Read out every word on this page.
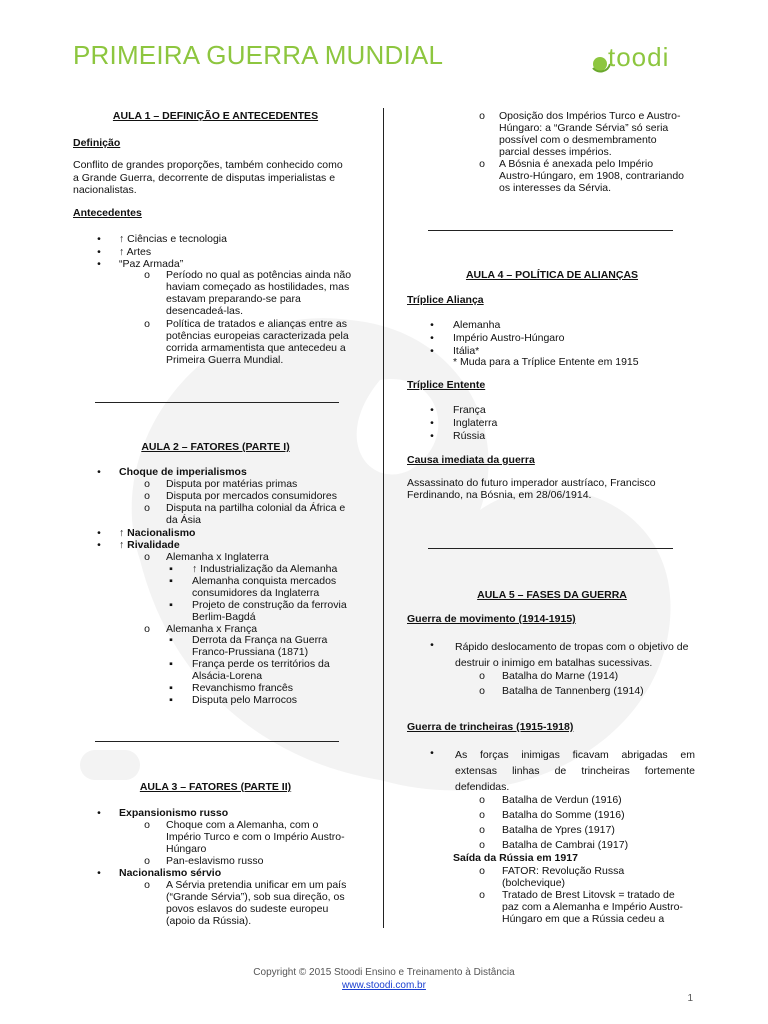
PRIMEIRA GUERRA MUNDIAL	toodi
AULA 1 – DEFINIÇÃO E ANTECEDENTES
Definição
Conflito de grandes proporções, também conhecido como
a Grande Guerra, decorrente de disputas imperialistas e
nacionalistas.
Antecedentes
• ↑ Ciências e tecnologia
• ↑ Artes
• “Paz Armada”
o Período no qual as potências ainda não
haviam começado as hostilidades, mas
estavam preparando-se para
desencadeá-las.
o Política de tratados e alianças entre as
potências europeias caracterizada pela
corrida armamentista que antecedeu a
Primeira Guerra Mundial.
AULA 2 – FATORES (PARTE I)
• Choque de imperialismos
o Disputa por matérias primas
o Disputa por mercados consumidores
o Disputa na partilha colonial da África e
da Ásia
• ↑ Nacionalismo
• ↑ Rivalidade
o Alemanha x Inglaterra
▪ ↑ Industrialização da Alemanha
▪ Alemanha conquista mercados
consumidores da Inglaterra
▪ Projeto de construção da ferrovia
Berlim-Bagdá
o Alemanha x França
▪ Derrota da França na Guerra
Franco-Prussiana (1871)
▪ França perde os territórios da
Alsácia-Lorena
▪ Revanchismo francês
▪ Disputa pelo Marrocos
AULA 3 – FATORES (PARTE II)
• Expansionismo russo
o Choque com a Alemanha, com o
Império Turco e com o Império Austro-
Húngaro
o Pan-eslavismo russo
• Nacionalismo sérvio
o A Sérvia pretendia unificar em um país
(“Grande Sérvia”), sob sua direção, os
povos eslavos do sudeste europeu
(apoio da Rússia).
o Oposição dos Impérios Turco e Austro-
Húngaro: a “Grande Sérvia” só seria
possível com o desmembramento
parcial desses impérios.
o A Bósnia é anexada pelo Império
Austro-Húngaro, em 1908, contrariando
os interesses da Sérvia.
AULA 4 – POLÍTICA DE ALIANÇAS
Tríplice Aliança
• Alemanha
• Império Austro-Húngaro
• Itália*
* Muda para a Tríplice Entente em 1915
Tríplice Entente
• França
• Inglaterra
• Rússia
Causa imediata da guerra
Assassinato do futuro imperador austríaco, Francisco
Ferdinando, na Bósnia, em 28/06/1914.
AULA 5 – FASES DA GUERRA
Guerra de movimento (1914-1915)
• Rápido deslocamento de tropas com o objetivo de
destruir o inimigo em batalhas sucessivas.
o Batalha do Marne (1914)
o Batalha de Tannenberg (1914)
Guerra de trincheiras (1915-1918)
• As forças inimigas ficavam abrigadas em
extensas linhas de trincheiras fortemente
defendidas.
o Batalha de Verdun (1916)
o Batalha do Somme (1916)
o Batalha de Ypres (1917)
o Batalha de Cambrai (1917)
Saída da Rússia em 1917
o FATOR: Revolução Russa
(bolchevique)
o Tratado de Brest Litovsk = tratado de
paz com a Alemanha e Império Austro-
Húngaro em que a Rússia cedeu a
Copyright © 2015 Stoodi Ensino e Treinamento à Distância
www.stoodi.com.br
1
